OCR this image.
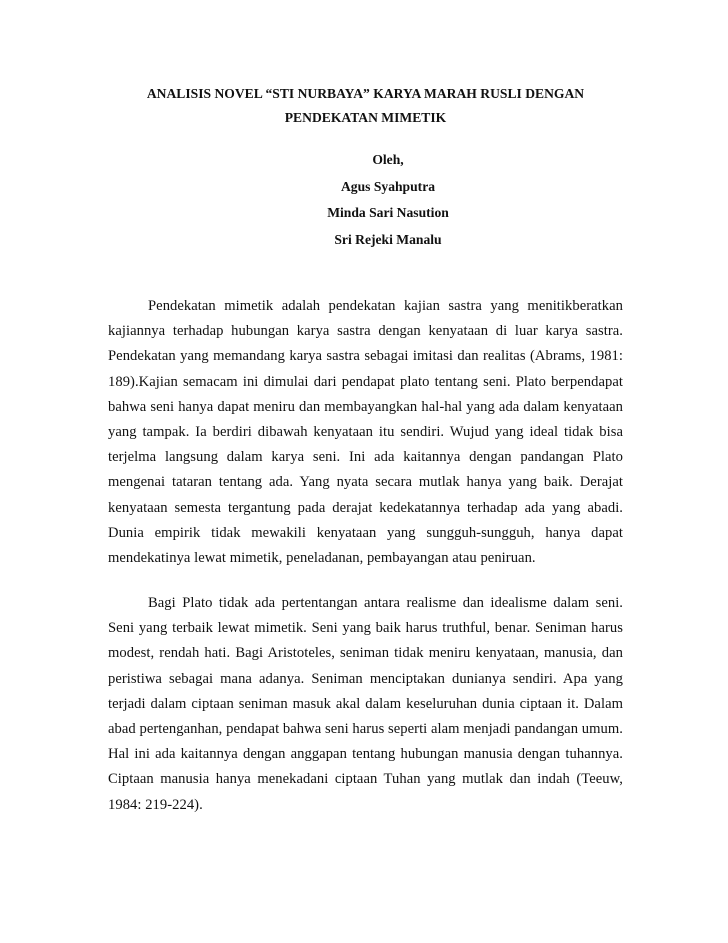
ANALISIS NOVEL “STI NURBAYA” KARYA MARAH RUSLI DENGAN
PENDEKATAN MIMETIK
Oleh,
Agus Syahputra
Minda Sari Nasution
Sri Rejeki Manalu

Pendekatan mimetik adalah pendekatan kajian sastra yang menitikberatkan kajiannya terhadap hubungan karya sastra dengan kenyataan di luar karya sastra. Pendekatan yang memandang karya sastra sebagai imitasi dan realitas (Abrams, 1981: 189).Kajian semacam ini dimulai dari pendapat plato tentang seni. Plato berpendapat bahwa seni hanya dapat meniru dan membayangkan hal-hal yang ada dalam kenyataan yang tampak. Ia berdiri dibawah kenyataan itu sendiri. Wujud yang ideal tidak bisa terjelma langsung dalam karya seni. Ini ada kaitannya dengan pandangan Plato mengenai tataran tentang ada. Yang nyata secara mutlak hanya yang baik. Derajat kenyataan semesta tergantung pada derajat kedekatannya terhadap ada yang abadi. Dunia empirik tidak mewakili kenyataan yang sungguh-sungguh, hanya dapat mendekatinya lewat mimetik, peneladanan, pembayangan atau peniruan.

Bagi Plato tidak ada pertentangan antara realisme dan idealisme dalam seni. Seni yang terbaik lewat mimetik. Seni yang baik harus truthful, benar. Seniman harus modest, rendah hati. Bagi Aristoteles, seniman tidak meniru kenyataan, manusia, dan peristiwa sebagai mana adanya. Seniman menciptakan dunianya sendiri. Apa yang terjadi dalam ciptaan seniman masuk akal dalam keseluruhan dunia ciptaan it. Dalam abad pertenganhan, pendapat bahwa seni harus seperti alam menjadi pandangan umum. Hal ini ada kaitannya dengan anggapan tentang hubungan manusia dengan tuhannya. Ciptaan manusia hanya menekadani ciptaan Tuhan yang mutlak dan indah (Teeuw, 1984: 219-224).
